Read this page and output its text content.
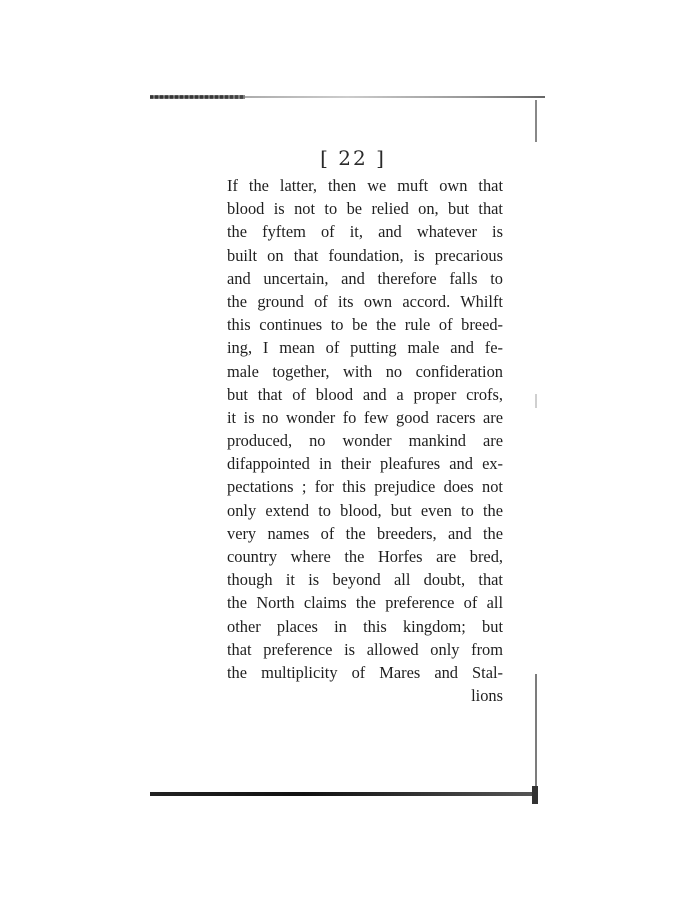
[ 22 ]
If the latter, then we muft own that
blood is not to be relied on, but that
the fyftem of it, and whatever is
built on that foundation, is precarious
and uncertain, and therefore falls to
the ground of its own accord. Whilft
this continues to be the rule of breed-
ing, I mean of putting male and fe-
male together, with no confideration
but that of blood and a proper crofs,
it is no wonder fo few good racers are
produced, no wonder mankind are
difappointed in their pleafures and ex-
pectations ; for this prejudice does not
only extend to blood, but even to the
very names of the breeders, and the
country where the Horfes are bred,
though it is beyond all doubt, that
the North claims the preference of all
other places in this kingdom; but
that preference is allowed only from
the multiplicity of Mares and Stal-
lions
